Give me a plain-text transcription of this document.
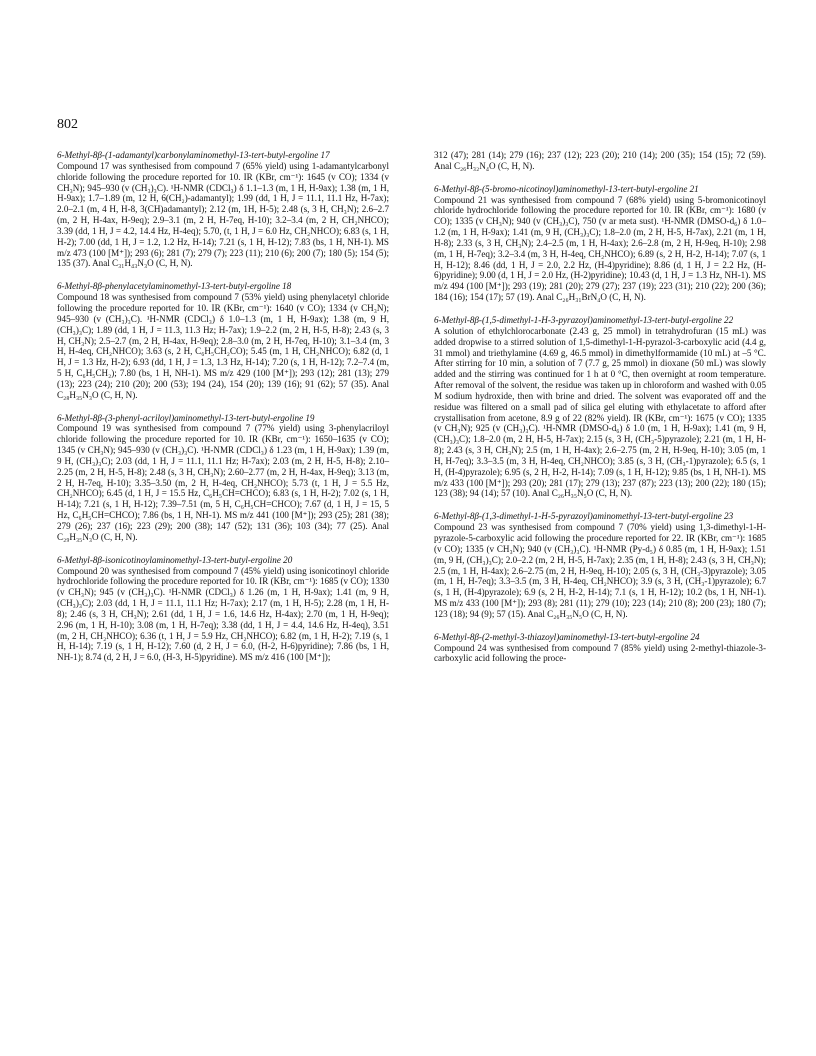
802

6-Methyl-8β-(1-adamantyl)carbonylaminomethyl-13-tert-butyl-ergoline 17

Compound 17 was synthesised from compound 7 (65% yield) using 1-adamantylcarbonyl chloride following the procedure reported for 10. IR (KBr, cm⁻¹): 1645 (v CO); 1334 (v CH₃N); 945–930 (v (CH₃)₃C). ¹H-NMR (CDCl₃) δ 1.1–1.3 (m, 1 H, H-9ax); 1.38 (m, 1 H, H-9ax); 1.7–1.89 (m, 12 H, 6(CH₂)-adamantyl); 1.99 (dd, 1 H, J = 11.1, 11.1 Hz, H-7ax); 2.0–2.1 (m, 4 H, H-8, 3(CH)adamantyl); 2.12 (m, 1H, H-5); 2.48 (s, 3 H, CH₃N); 2.6–2.7 (m, 2 H, H-4ax, H-9eq); 2.9–3.1 (m, 2 H, H-7eq, H-10); 3.2–3.4 (m, 2 H, CH₂NHCO); 3.39 (dd, 1 H, J = 4.2, 14.4 Hz, H-4eq); 5.70, (t, 1 H, J = 6.0 Hz, CH₂NHCO); 6.83 (s, 1 H, H-2); 7.00 (dd, 1 H, J = 1.2, 1.2 Hz, H-14); 7.21 (s, 1 H, H-12); 7.83 (bs, 1 H, NH-1). MS m/z 473 (100 [M⁺]); 293 (6); 281 (7); 279 (7); 223 (11); 210 (6); 200 (7); 180 (5); 154 (5); 135 (37). Anal C₃₁H₄₃N₃O (C, H, N).

6-Methyl-8β-phenylacetylaminomethyl-13-tert-butyl-ergoline 18

Compound 18 was synthesised from compound 7 (53% yield) using phenylacetyl chloride following the procedure reported for 10. IR (KBr, cm⁻¹): 1640 (v CO); 1334 (v CH₃N); 945–930 (v (CH₃)₃C). ¹H-NMR (CDCl₃) δ 1.0–1.3 (m, 1 H, H-9ax); 1.38 (m, 9 H, (CH₃)₃C); 1.89 (dd, 1 H, J = 11.3, 11.3 Hz; H-7ax); 1.9–2.2 (m, 2 H, H-5, H-8); 2.43 (s, 3 H, CH₃N); 2.5–2.7 (m, 2 H, H-4ax, H-9eq); 2.8–3.0 (m, 2 H, H-7eq, H-10); 3.1–3.4 (m, 3 H, H-4eq, CH₂NHCO); 3.63 (s, 2 H, C₆H₅CH₂CO); 5.45 (m, 1 H, CH₂NHCO); 6.82 (d, 1 H, J = 1.3 Hz, H-2); 6.93 (dd, 1 H, J = 1.3, 1.3 Hz, H-14); 7.20 (s, 1 H, H-12); 7.2–7.4 (m, 5 H, C₆H₅CH₂); 7.80 (bs, 1 H, NH-1). MS m/z 429 (100 [M⁺]); 293 (12); 281 (13); 279 (13); 223 (24); 210 (20); 200 (53); 194 (24), 154 (20); 139 (16); 91 (62); 57 (35). Anal C₂₈H₃₅N₃O (C, H, N).

6-Methyl-8β-(3-phenyl-acriloyl)aminomethyl-13-tert-butyl-ergoline 19

Compound 19 was synthesised from compound 7 (77% yield) using 3-phenylacriloyl chloride following the procedure reported for 10. IR (KBr, cm⁻¹): 1650–1635 (v CO); 1345 (v CH₃N); 945–930 (v (CH₃)₃C). ¹H-NMR (CDCl₃) δ 1.23 (m, 1 H, H-9ax); 1.39 (m, 9 H, (CH₃)₃C); 2.03 (dd, 1 H, J = 11.1, 11.1 Hz; H-7ax); 2.03 (m, 2 H, H-5, H-8); 2.10–2.25 (m, 2 H, H-5, H-8); 2.48 (s, 3 H, CH₃N); 2.60–2.77 (m, 2 H, H-4ax, H-9eq); 3.13 (m, 2 H, H-7eq, H-10); 3.35–3.50 (m, 2 H, H-4eq, CH₂NHCO); 5.73 (t, 1 H, J = 5.5 Hz, CH₂NHCO); 6.45 (d, 1 H, J = 15.5 Hz, C₆H₅CH=CHCO); 6.83 (s, 1 H, H-2); 7.02 (s, 1 H, H-14); 7.21 (s, 1 H, H-12); 7.39–7.51 (m, 5 H, C₆H₅CH=CHCO); 7.67 (d, 1 H, J = 15, 5 Hz, C₆H₅CH=CHCO); 7.86 (bs, 1 H, NH-1). MS m/z 441 (100 [M⁺]); 293 (25); 281 (38); 279 (26); 237 (16); 223 (29); 200 (38); 147 (52); 131 (36); 103 (34); 77 (25). Anal C₂₉H₃₅N₃O (C, H, N).

6-Methyl-8β-isonicotinoylaminomethyl-13-tert-butyl-ergoline 20

Compound 20 was synthesised from compound 7 (45% yield) using isonicotinoyl chloride hydrochloride following the procedure reported for 10. IR (KBr, cm⁻¹): 1685 (v CO); 1330 (v CH₃N); 945 (v (CH₃)₃C). ¹H-NMR (CDCl₃) δ 1.26 (m, 1 H, H-9ax); 1.41 (m, 9 H, (CH₃)₃C); 2.03 (dd, 1 H, J = 11.1, 11.1 Hz; H-7ax); 2.17 (m, 1 H, H-5); 2.28 (m, 1 H, H-8); 2.46 (s, 3 H, CH₃N); 2.61 (dd, 1 H, J = 1.6, 14.6 Hz, H-4ax); 2.70 (m, 1 H, H-9eq); 2.96 (m, 1 H, H-10); 3.08 (m, 1 H, H-7eq); 3.38 (dd, 1 H, J = 4.4, 14.6 Hz, H-4eq), 3.51 (m, 2 H, CH₂NHCO); 6.36 (t, 1 H, J = 5.9 Hz, CH₂NHCO); 6.82 (m, 1 H, H-2); 7.19 (s, 1 H, H-14); 7.19 (s, 1 H, H-12); 7.60 (d, 2 H, J = 6.0, (H-2, H-6)pyridine); 7.86 (bs, 1 H, NH-1); 8.74 (d, 2 H, J = 6.0, (H-3, H-5)pyridine). MS m/z 416 (100 [M⁺]);

312 (47); 281 (14); 279 (16); 237 (12); 223 (20); 210 (14); 200 (35); 154 (15); 72 (59). Anal C₂₆H₃₂N₄O (C, H, N).

6-Methyl-8β-(5-bromo-nicotinoyl)aminomethyl-13-tert-butyl-ergoline 21

Compound 21 was synthesised from compound 7 (68% yield) using 5-bromonicotinoyl chloride hydrochloride following the procedure reported for 10. IR (KBr, cm⁻¹): 1680 (v CO); 1335 (v CH₃N); 940 (v (CH₃)₃C), 750 (v ar meta sust). ¹H-NMR (DMSO-d₆) δ 1.0–1.2 (m, 1 H, H-9ax); 1.41 (m, 9 H, (CH₃)₃C); 1.8–2.0 (m, 2 H, H-5, H-7ax), 2.21 (m, 1 H, H-8); 2.33 (s, 3 H, CH₃N); 2.4–2.5 (m, 1 H, H-4ax); 2.6–2.8 (m, 2 H, H-9eq, H-10); 2.98 (m, 1 H, H-7eq); 3.2–3.4 (m, 3 H, H-4eq, CH₂NHCO); 6.89 (s, 2 H, H-2, H-14); 7.07 (s, 1 H, H-12); 8.46 (dd, 1 H, J = 2.0, 2.2 Hz, (H-4)pyridine); 8.86 (d, 1 H, J = 2.2 Hz, (H-6)pyridine); 9.00 (d, 1 H, J = 2.0 Hz, (H-2)pyridine); 10.43 (d, 1 H, J = 1.3 Hz, NH-1). MS m/z 494 (100 [M⁺]); 293 (19); 281 (20); 279 (27); 237 (19); 223 (31); 210 (22); 200 (36); 184 (16); 154 (17); 57 (19). Anal C₂₆H₃₁BrN₄O (C, H, N).

6-Methyl-8β-(1,5-dimethyl-1-H-3-pyrazoyl)aminomethyl-13-tert-butyl-ergoline 22

A solution of ethylchlorocarbonate (2.43 g, 25 mmol) in tetrahydrofuran (15 mL) was added dropwise to a stirred solution of 1,5-dimethyl-1-H-pyrazol-3-carboxylic acid (4.4 g, 31 mmol) and triethylamine (4.69 g, 46.5 mmol) in dimethylformamide (10 mL) at –5 °C. After stirring for 10 min, a solution of 7 (7.7 g, 25 mmol) in dioxane (50 mL) was slowly added and the stirring was continued for 1 h at 0 °C, then overnight at room temperature. After removal of the solvent, the residue was taken up in chloroform and washed with 0.05 M sodium hydroxide, then with brine and dried. The solvent was evaporated off and the residue was filtered on a small pad of silica gel eluting with ethylacetate to afford after crystallisation from acetone, 8.9 g of 22 (82% yield). IR (KBr, cm⁻¹): 1675 (v CO); 1335 (v CH₃N); 925 (v (CH₃)₃C). ¹H-NMR (DMSO-d₆) δ 1.0 (m, 1 H, H-9ax); 1.41 (m, 9 H, (CH₃)₃C); 1.8–2.0 (m, 2 H, H-5, H-7ax); 2.15 (s, 3 H, (CH₃-5)pyrazole); 2.21 (m, 1 H, H-8); 2.43 (s, 3 H, CH₃N); 2.5 (m, 1 H, H-4ax); 2.6–2.75 (m, 2 H, H-9eq, H-10); 3.05 (m, 1 H, H-7eq); 3.3–3.5 (m, 3 H, H-4eq, CH₂NHCO); 3.85 (s, 3 H, (CH₃-1)pyrazole); 6.5 (s, 1 H, (H-4)pyrazole); 6.95 (s, 2 H, H-2, H-14); 7.09 (s, 1 H, H-12); 9.85 (bs, 1 H, NH-1). MS m/z 433 (100 [M⁺]); 293 (20); 281 (17); 279 (13); 237 (87); 223 (13); 200 (22); 180 (15); 123 (38); 94 (14); 57 (10). Anal C₂₆H₃₅N₅O (C, H, N).

6-Methyl-8β-(1,3-dimethyl-1-H-5-pyrazoyl)aminomethyl-13-tert-butyl-ergoline 23

Compound 23 was synthesised from compound 7 (70% yield) using 1,3-dimethyl-1-H-pyrazole-5-carboxylic acid following the procedure reported for 22. IR (KBr, cm⁻¹): 1685 (v CO); 1335 (v CH₃N); 940 (v (CH₃)₃C). ¹H-NMR (Py-d₅) δ 0.85 (m, 1 H, H-9ax); 1.51 (m, 9 H, (CH₃)₃C); 2.0–2.2 (m, 2 H, H-5, H-7ax); 2.35 (m, 1 H, H-8); 2.43 (s, 3 H, CH₃N); 2.5 (m, 1 H, H-4ax); 2.6–2.75 (m, 2 H, H-9eq, H-10); 2.05 (s, 3 H, (CH₃-3)pyrazole); 3.05 (m, 1 H, H-7eq); 3.3–3.5 (m, 3 H, H-4eq, CH₂NHCO); 3.9 (s, 3 H, (CH₃-1)pyrazole); 6.7 (s, 1 H, (H-4)pyrazole); 6.9 (s, 2 H, H-2, H-14); 7.1 (s, 1 H, H-12); 10.2 (bs, 1 H, NH-1). MS m/z 433 (100 [M⁺]); 293 (8); 281 (11); 279 (10); 223 (14); 210 (8); 200 (23); 180 (7); 123 (18); 94 (9); 57 (15). Anal C₂₆H₃₅N₅O (C, H, N).

6-Methyl-8β-(2-methyl-3-thiazoyl)aminomethyl-13-tert-butyl-ergoline 24

Compound 24 was synthesised from compound 7 (85% yield) using 2-methyl-thiazole-3-carboxylic acid following the proce-
